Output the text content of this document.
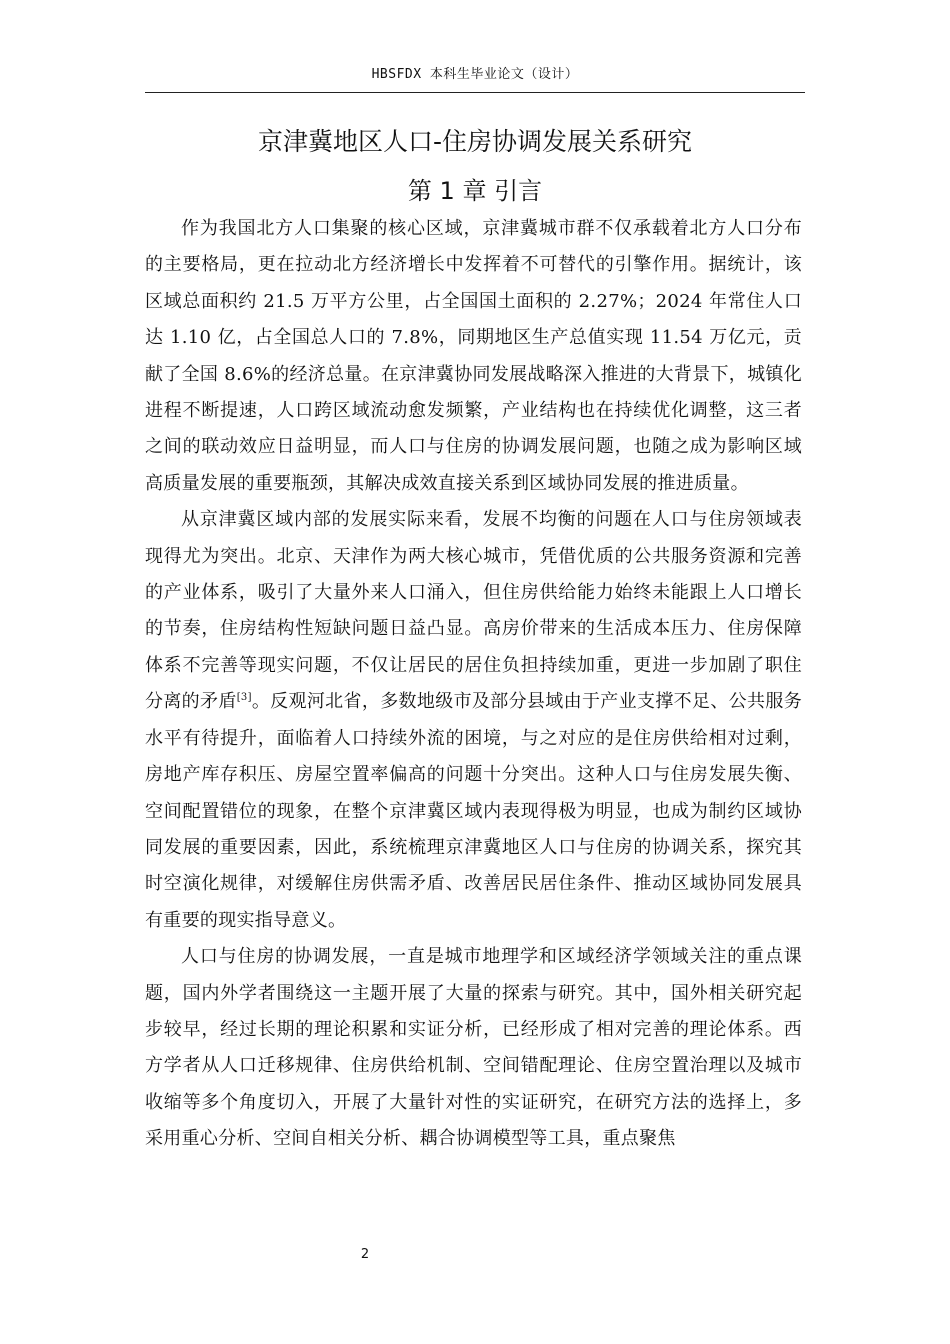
HBSFDX 本科生毕业论文（设计）
京津冀地区人口-住房协调发展关系研究
第 1 章 引言

作为我国北方人口集聚的核心区域，京津冀城市群不仅承载着北方人口分布的主要格局，更在拉动北方经济增长中发挥着不可替代的引擎作用。据统计，该区域总面积约 21.5 万平方公里，占全国国土面积的 2.27%；2024 年常住人口达 1.10 亿，占全国总人口的 7.8%，同期地区生产总值实现 11.54 万亿元，贡献了全国 8.6%的经济总量。在京津冀协同发展战略深入推进的大背景下，城镇化进程不断提速，人口跨区域流动愈发频繁，产业结构也在持续优化调整，这三者之间的联动效应日益明显，而人口与住房的协调发展问题，也随之成为影响区域高质量发展的重要瓶颈，其解决成效直接关系到区域协同发展的推进质量。

从京津冀区域内部的发展实际来看，发展不均衡的问题在人口与住房领域表现得尤为突出。北京、天津作为两大核心城市，凭借优质的公共服务资源和完善的产业体系，吸引了大量外来人口涌入，但住房供给能力始终未能跟上人口增长的节奏，住房结构性短缺问题日益凸显。高房价带来的生活成本压力、住房保障体系不完善等现实问题，不仅让居民的居住负担持续加重，更进一步加剧了职住分离的矛盾[3]。反观河北省，多数地级市及部分县域由于产业支撑不足、公共服务水平有待提升，面临着人口持续外流的困境，与之对应的是住房供给相对过剩，房地产库存积压、房屋空置率偏高的问题十分突出。这种人口与住房发展失衡、空间配置错位的现象，在整个京津冀区域内表现得极为明显，也成为制约区域协同发展的重要因素，因此，系统梳理京津冀地区人口与住房的协调关系，探究其时空演化规律，对缓解住房供需矛盾、改善居民居住条件、推动区域协同发展具有重要的现实指导意义。

人口与住房的协调发展，一直是城市地理学和区域经济学领域关注的重点课题，国内外学者围绕这一主题开展了大量的探索与研究。其中，国外相关研究起步较早，经过长期的理论积累和实证分析，已经形成了相对完善的理论体系。西方学者从人口迁移规律、住房供给机制、空间错配理论、住房空置治理以及城市收缩等多个角度切入，开展了大量针对性的实证研究，在研究方法的选择上，多采用重心分析、空间自相关分析、耦合协调模型等工具，重点聚焦

2
